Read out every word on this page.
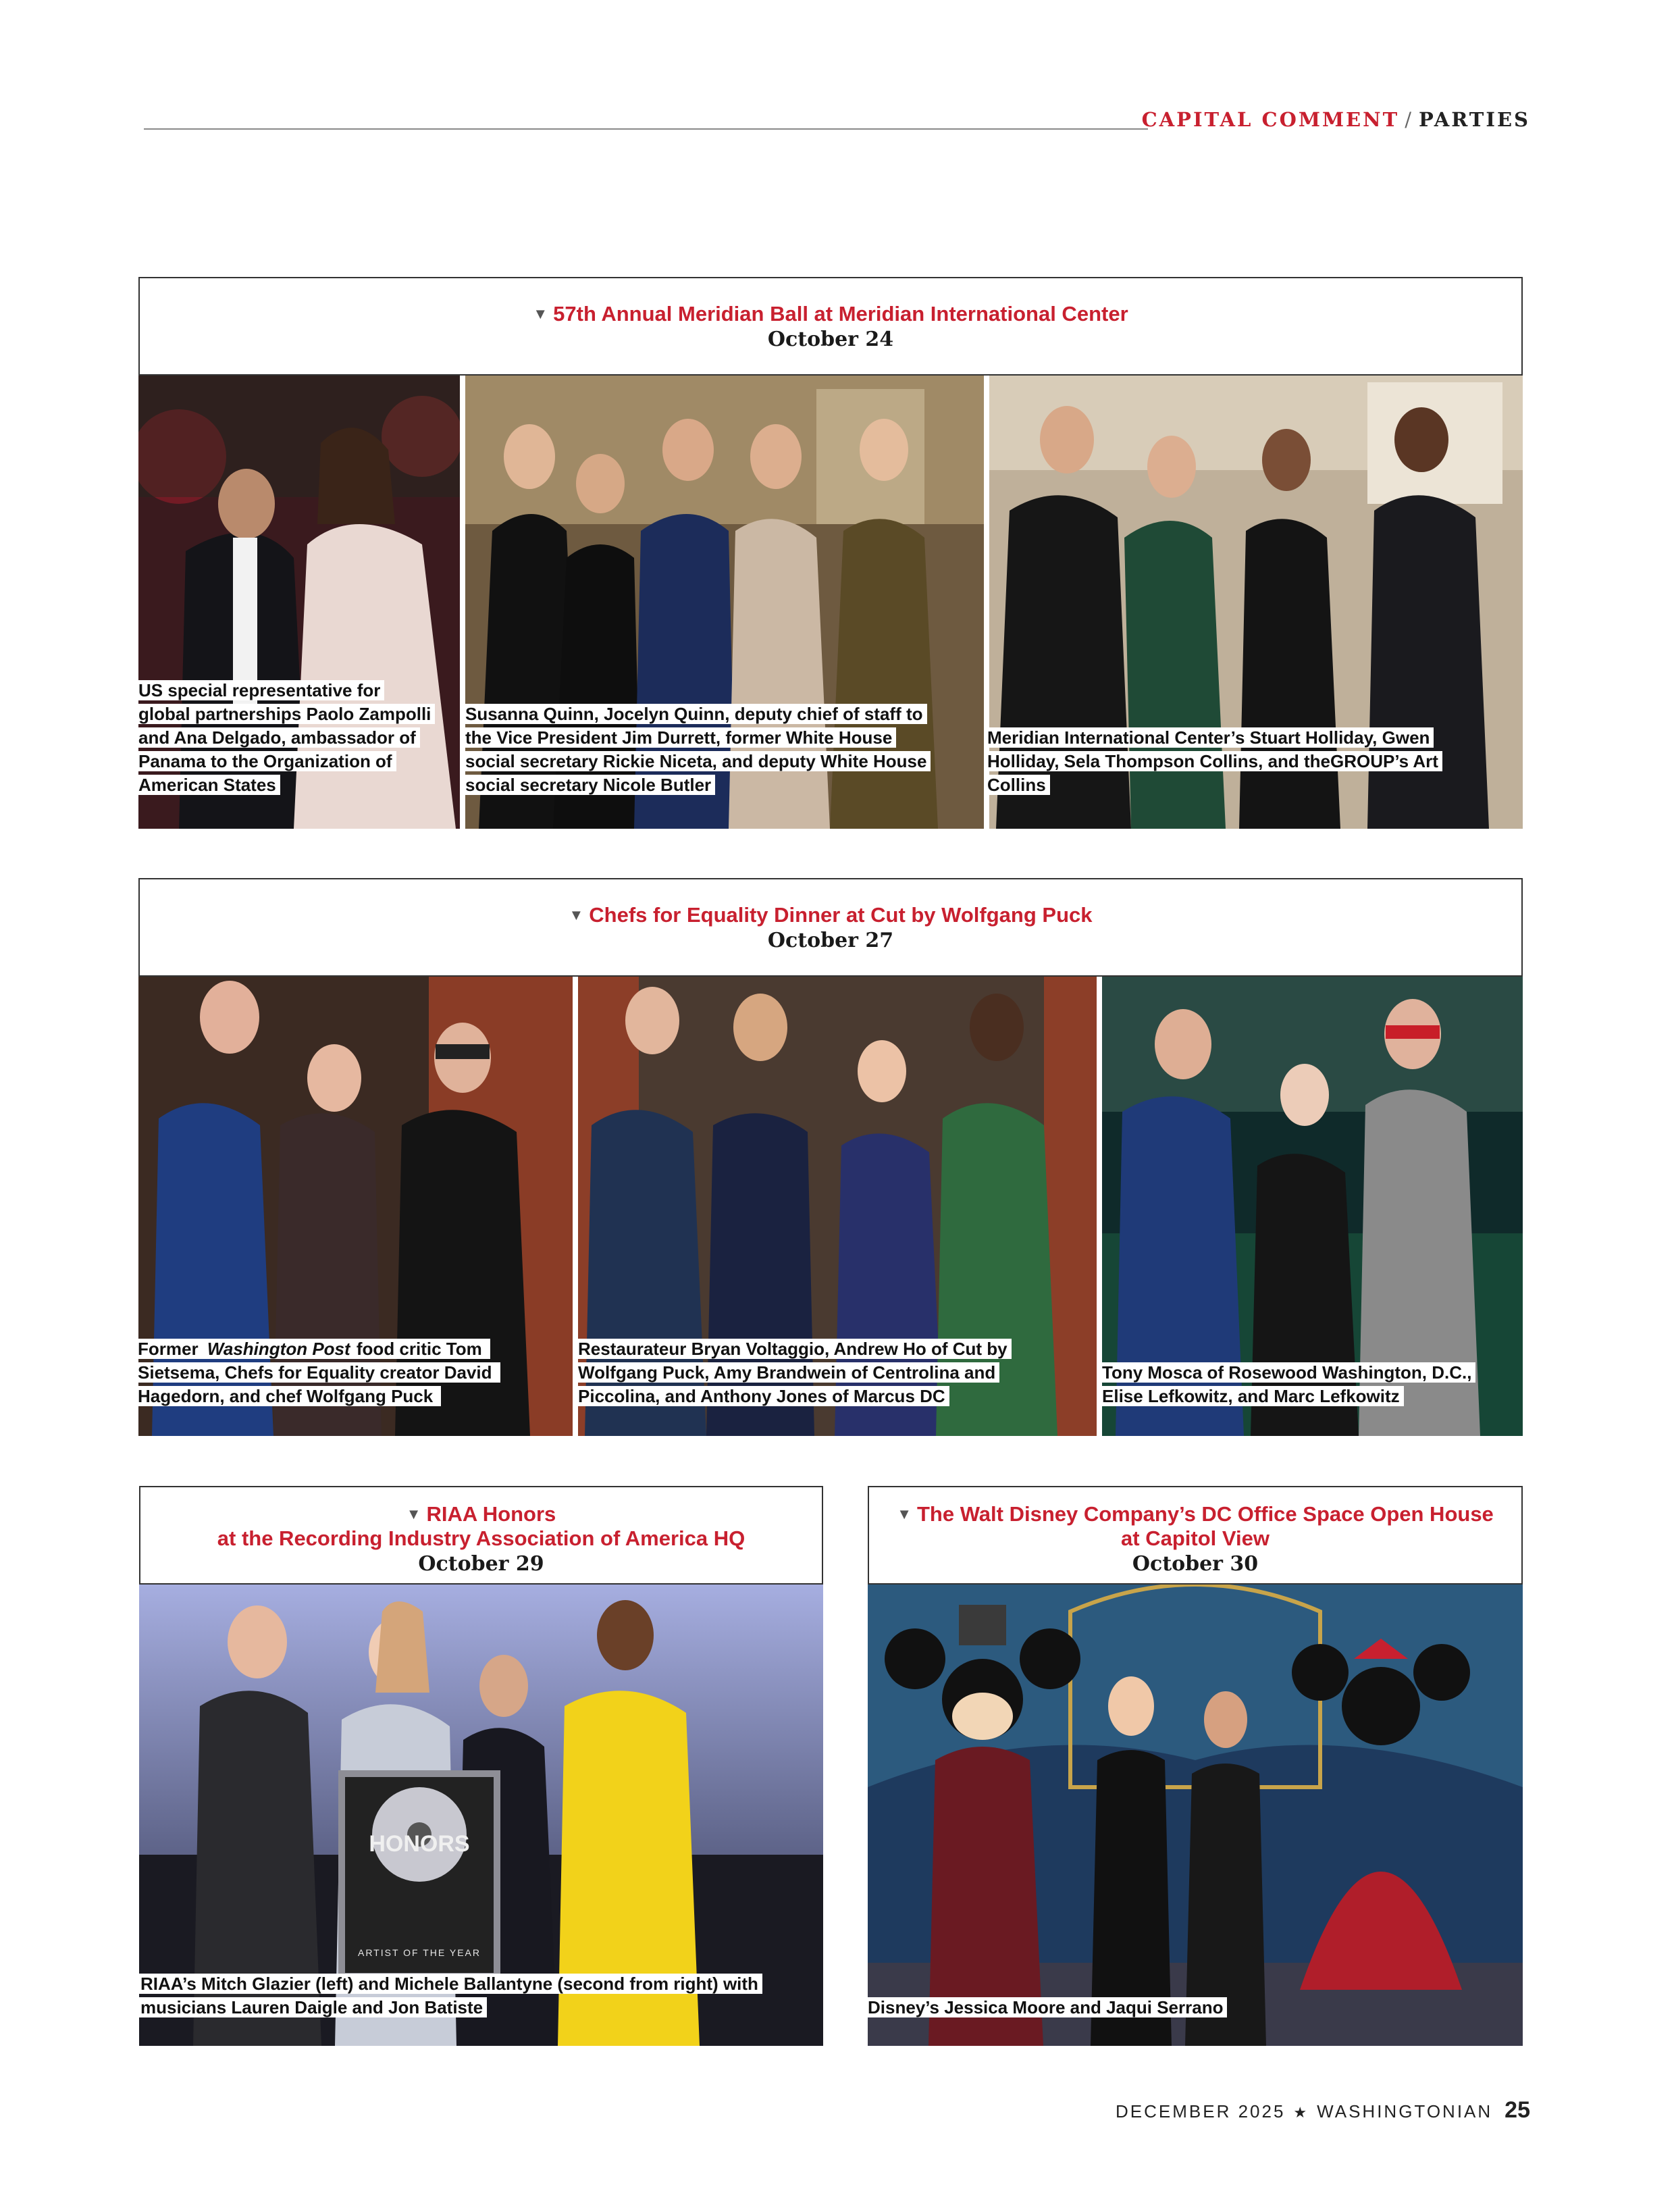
CAPITAL COMMENT / PARTIES
▼ 57th Annual Meridian Ball at Meridian International Center
October 24
US special representative for global partnerships Paolo Zampolli and Ana Delgado, ambassador of Panama to the Organization of American States
Susanna Quinn, Jocelyn Quinn, deputy chief of staff to the Vice President Jim Durrett, former White House social secretary Rickie Niceta, and deputy White House social secretary Nicole Butler
Meridian International Center’s Stuart Holliday, Gwen Holliday, Sela Thompson Collins, and theGROUP’s Art Collins
▼ Chefs for Equality Dinner at Cut by Wolfgang Puck
October 27
Former Washington Post food critic Tom Sietsema, Chefs for Equality creator David Hagedorn, and chef Wolfgang Puck
Restaurateur Bryan Voltaggio, Andrew Ho of Cut by Wolfgang Puck, Amy Brandwein of Centrolina and Piccolina, and Anthony Jones of Marcus DC
Tony Mosca of Rosewood Washington, D.C., Elise Lefkowitz, and Marc Lefkowitz
▼ RIAA Honors
at the Recording Industry Association of America HQ
October 29
HONORS
ARTIST OF THE YEAR
RIAA’s Mitch Glazier (left) and Michele Ballantyne (second from right) with musicians Lauren Daigle and Jon Batiste
▼ The Walt Disney Company’s DC Office Space Open House
at Capitol View
October 30
Disney’s Jessica Moore and Jaqui Serrano
DECEMBER 2025 ★ WASHINGTONIAN 25
